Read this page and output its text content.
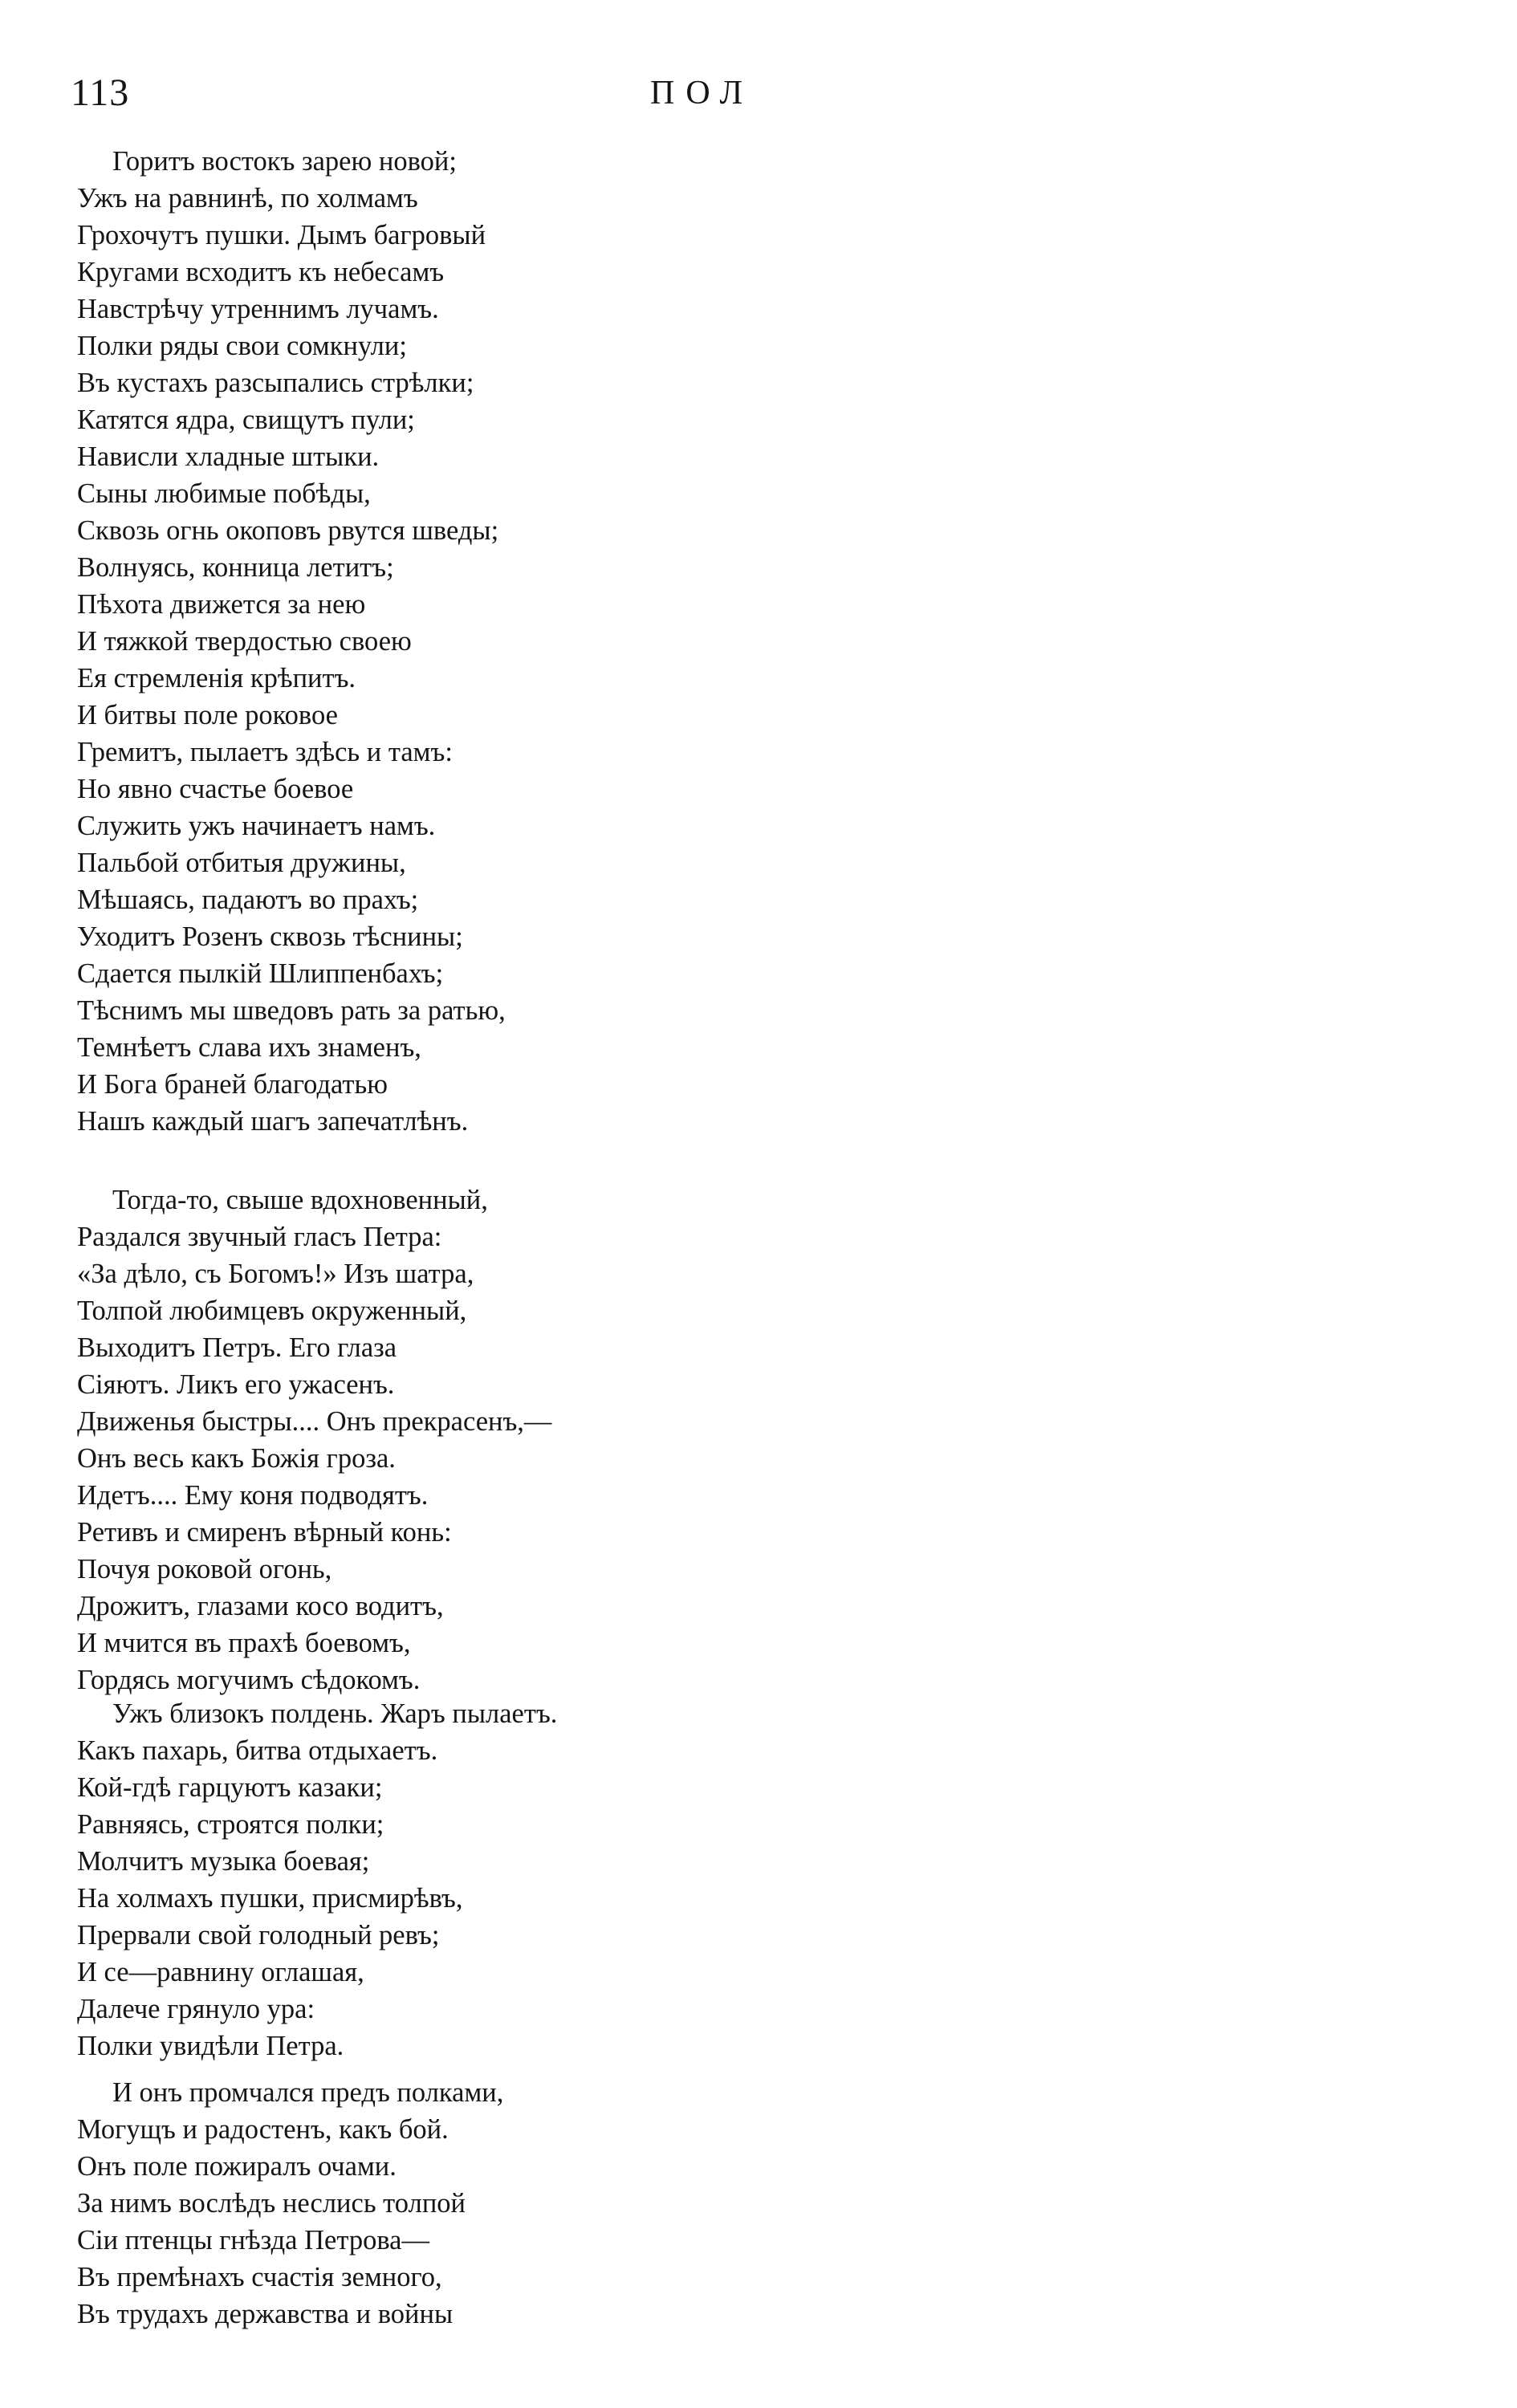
113	ПОЛ
Горитъ востокъ зарею новой;
Ужъ на равнинѣ, по холмамъ
Грохочутъ пушки. Дымъ багровый
Кругами всходитъ къ небесамъ
Навстрѣчу утреннимъ лучамъ.
Полки ряды свои сомкнули;
Въ кустахъ разсыпались стрѣлки;
Катятся ядра, свищутъ пули;
Нависли хладные штыки.
Сыны любимые побѣды,
Сквозь огнь окоповъ рвутся шведы;
Волнуясь, конница летитъ;
Пѣхота движется за нею
И тяжкой твердостью своею
Ея стремленія крѣпитъ.
И битвы поле роковое
Гремитъ, пылаетъ здѣсь и тамъ:
Но явно счастье боевое
Служить ужъ начинаетъ намъ.
Пальбой отбитыя дружины,
Мѣшаясь, падаютъ во прахъ;
Уходитъ Розенъ сквозь тѣснины;
Сдается пылкій Шлиппенбахъ;
Тѣснимъ мы шведовъ рать за ратью,
Темнѣетъ слава ихъ знаменъ,
И Бога браней благодатью
Нашъ каждый шагъ запечатлѣнъ.
Тогда-то, свыше вдохновенный,
Раздался звучный гласъ Петра:
«За дѣло, съ Богомъ!» Изъ шатра,
Толпой любимцевъ окруженный,
Выходитъ Петръ. Его глаза
Сіяютъ. Ликъ его ужасенъ.
Движенья быстры.... Онъ прекрасенъ,—
Онъ весь какъ Божія гроза.
Идетъ.... Ему коня подводятъ.
Ретивъ и смиренъ вѣрный конь:
Почуя роковой огонь,
Дрожитъ, глазами косо водитъ,
И мчится въ прахѣ боевомъ,
Гордясь могучимъ сѣдокомъ.
Ужъ близокъ полдень. Жаръ пылаетъ.
Какъ пахарь, битва отдыхаетъ.
Кой-гдѣ гарцуютъ казаки;
Равняясь, строятся полки;
Молчитъ музыка боевая;
На холмахъ пушки, присмирѣвъ,
Прервали свой голодный ревъ;
И се—равнину оглашая,
Далече грянуло ура:
Полки увидѣли Петра.
И онъ промчался предъ полками,
Могущъ и радостенъ, какъ бой.
Онъ поле пожиралъ очами.
За нимъ вослѣдъ неслись толпой
Сіи птенцы гнѣзда Петрова—
Въ премѣнахъ счастія земного,
Въ трудахъ державства и войны
